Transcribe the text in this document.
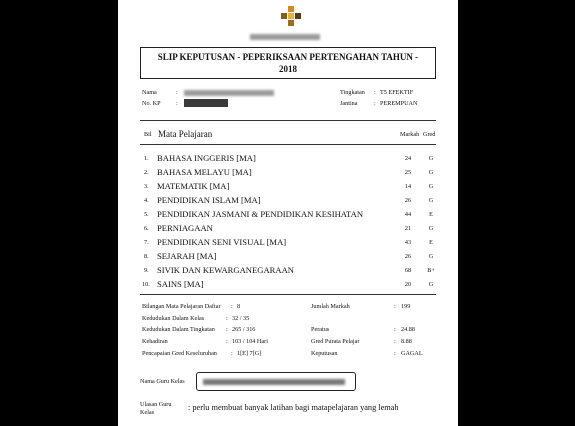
SLIP KEPUTUSAN - PEPERIKSAAN PERTENGAHAN TAHUN -
2018
Nama	:
No. KP :
Tingkatan : T5 EFEKTIF
Jantina	: PEREMPUAN
Bil Mata Pelajaran	Markah Gred
1. BAHASA INGGERIS [MA]	24	G
2. BAHASA MELAYU [MA]	25	G
3. MATEMATIK [MA]	14	G
4. PENDIDIKAN ISLAM [MA]	26	G
5. PENDIDIKAN JASMANI & PENDIDIKAN KESIHATAN	44	E
6. PERNIAGAAN	21	G
7. PENDIDIKAN SENI VISUAL [MA]	43	E
8. SEJARAH [MA]	26	G
9. SIVIK DAN KEWARGANEGARAAN	68	B+
10. SAINS [MA]	20	G
Bilangan Mata Pelajaran Daftar : 8	Jumlah Markah	: 199
Kedudukan Dalam Kelas	: 32 / 35
Kedudukan Dalam Tingkatan : 265 / 316	Peratus	: 24.88
Kehadiran	: 103 / 104 Hari	Gred Purata Pelajar	: 8.88
Pencapaian Gred Keseluruhan : 1[E] 7[G]	Keputusan	: GAGAL
Nama Guru Kelas
Ulasan Guru
Kelas
: perlu membuat banyak latihan bagi matapelajaran yang lemah
